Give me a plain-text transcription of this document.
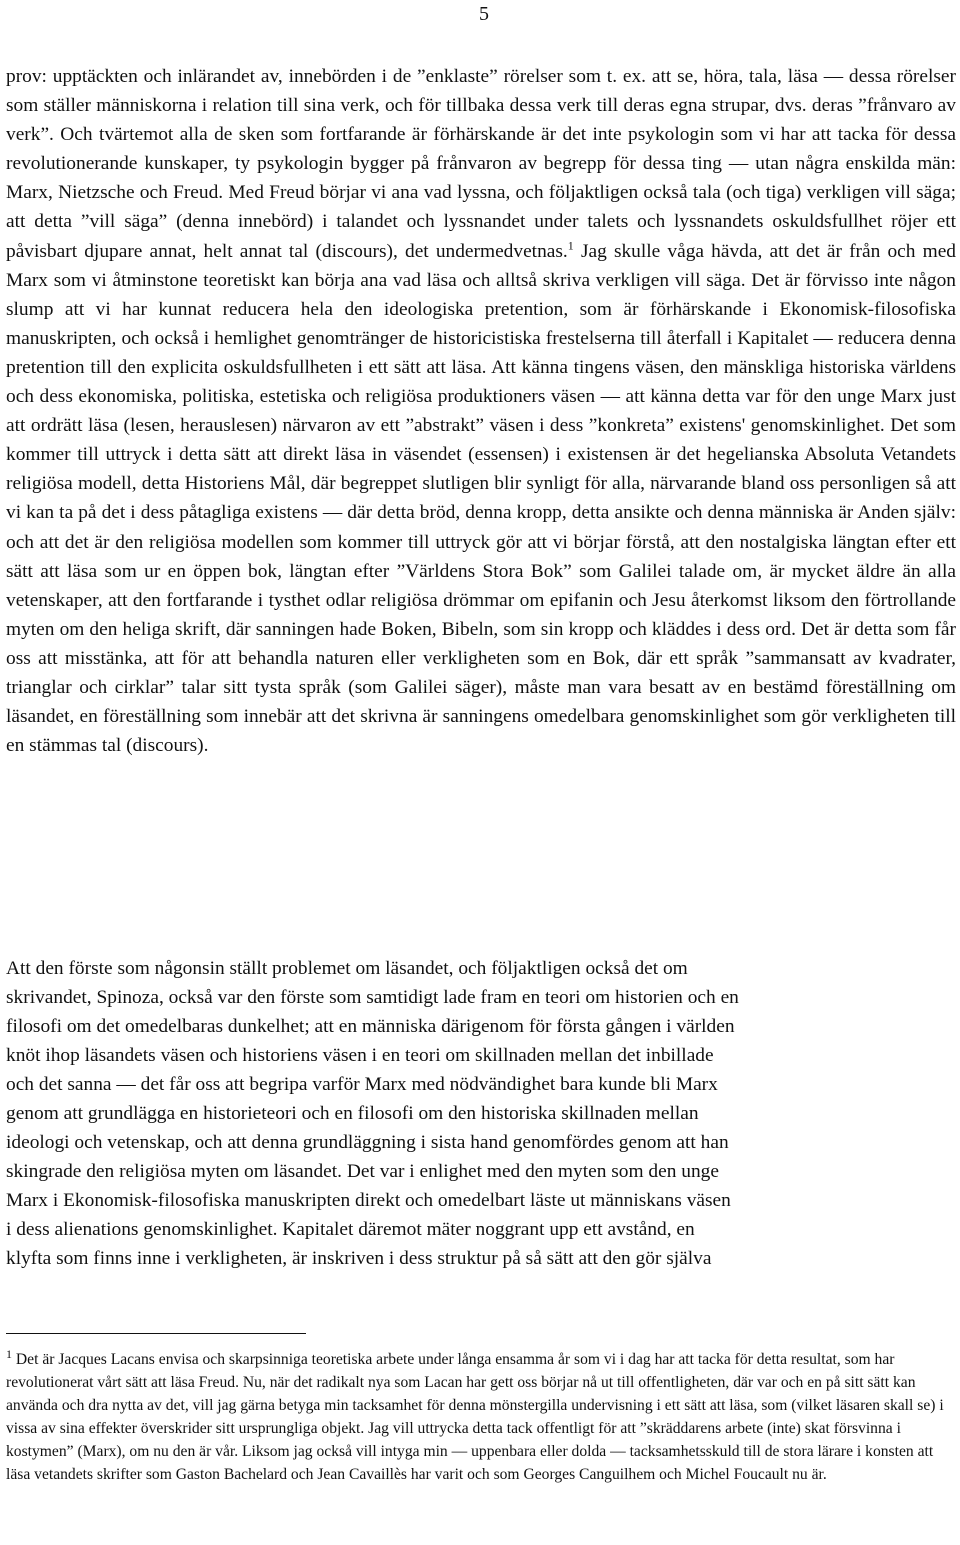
5

prov: upptäckten och inlärandet av, innebörden i de ”enklaste” rörelser som t. ex. att se, höra, tala, läsa — dessa rörelser som ställer människorna i relation till sina verk, och för tillbaka dessa verk till deras egna strupar, dvs. deras ”frånvaro av verk”. Och tvärtemot alla de sken som fortfarande är förhärskande är det inte psykologin som vi har att tacka för dessa revolutionerande kunskaper, ty psykologin bygger på frånvaron av begrepp för dessa ting — utan några enskilda män: Marx, Nietzsche och Freud. Med Freud börjar vi ana vad lyssna, och följaktligen också tala (och tiga) verkligen vill säga; att detta ”vill säga” (denna innebörd) i talandet och lyssnandet under talets och lyssnandets oskuldsfullhet röjer ett påvisbart djupare annat, helt annat tal (discours), det undermedvetnas.$^1$ Jag skulle våga hävda, att det är från och med Marx som vi åtminstone teoretiskt kan börja ana vad läsa och alltså skriva verkligen vill säga. Det är förvisso inte någon slump att vi har kunnat reducera hela den ideologiska pretention, som är förhärskande i Ekonomisk-filosofiska manuskripten, och också i hemlighet genomtränger de historicistiska frestelserna till återfall i Kapitalet — reducera denna pretention till den explicita oskuldsfullheten i ett sätt att läsa. Att känna tingens väsen, den mänskliga historiska världens och dess ekonomiska, politiska, estetiska och religiösa produktioners väsen — att känna detta var för den unge Marx just att ordrätt läsa (lesen, herauslesen) närvaron av ett ”abstrakt” väsen i dess ”konkreta” existens' genomskinlighet. Det som kommer till uttryck i detta sätt att direkt läsa in väsendet (essensen) i existensen är det hegelianska Absoluta Vetandets religiösa modell, detta Historiens Mål, där begreppet slutligen blir synligt för alla, närvarande bland oss personligen så att vi kan ta på det i dess påtagliga existens — där detta bröd, denna kropp, detta ansikte och denna människa är Anden själv: och att det är den religiösa modellen som kommer till uttryck gör att vi börjar förstå, att den nostalgiska längtan efter ett sätt att läsa som ur en öppen bok, längtan efter ”Världens Stora Bok” som Galilei talade om, är mycket äldre än alla vetenskaper, att den fortfarande i tysthet odlar religiösa drömmar om epifanin och Jesu återkomst liksom den förtrollande myten om den heliga skrift, där sanningen hade Boken, Bibeln, som sin kropp och kläddes i dess ord. Det är detta som får oss att misstänka, att för att behandla naturen eller verkligheten som en Bok, där ett språk ”sammansatt av kvadrater, trianglar och cirklar” talar sitt tysta språk (som Galilei säger), måste man vara besatt av en bestämd föreställning om läsandet, en föreställning som innebär att det skrivna är sanningens omedelbara genomskinlighet som gör verkligheten till en stämmas tal (discours).

Att den förste som någonsin ställt problemet om läsandet, och följaktligen också det om
skrivandet, Spinoza, också var den förste som samtidigt lade fram en teori om historien och en
filosofi om det omedelbaras dunkelhet; att en människa därigenom för första gången i världen
knöt ihop läsandets väsen och historiens väsen i en teori om skillnaden mellan det inbillade
och det sanna — det får oss att begripa varför Marx med nödvändighet bara kunde bli Marx
genom att grundlägga en historieteori och en filosofi om den historiska skillnaden mellan
ideologi och vetenskap, och att denna grundläggning i sista hand genomfördes genom att han
skingrade den religiösa myten om läsandet. Det var i enlighet med den myten som den unge
Marx i Ekonomisk-filosofiska manuskripten direkt och omedelbart läste ut människans väsen
i dess alienations genomskinlighet. Kapitalet däremot mäter noggrant upp ett avstånd, en
klyfta som finns inne i verkligheten, är inskriven i dess struktur på så sätt att den gör själva

$^1$ Det är Jacques Lacans envisa och skarpsinniga teoretiska arbete under långa ensamma år som vi i dag har att tacka för detta resultat, som har revolutionerat vårt sätt att läsa Freud. Nu, när det radikalt nya som Lacan har gett oss börjar nå ut till offentligheten, där var och en på sitt sätt kan använda och dra nytta av det, vill jag gärna betyga min tacksamhet för denna mönstergilla undervisning i ett sätt att läsa, som (vilket läsaren skall se) i vissa av sina effekter överskrider sitt ursprungliga objekt. Jag vill uttrycka detta tack offentligt för att ”skräddarens arbete (inte) skat försvinna i kostymen” (Marx), om nu den är vår. Liksom jag också vill intyga min — uppenbara eller dolda — tacksamhetsskuld till de stora lärare i konsten att läsa vetandets skrifter som Gaston Bachelard och Jean Cavaillès har varit och som Georges Canguilhem och Michel Foucault nu är.
